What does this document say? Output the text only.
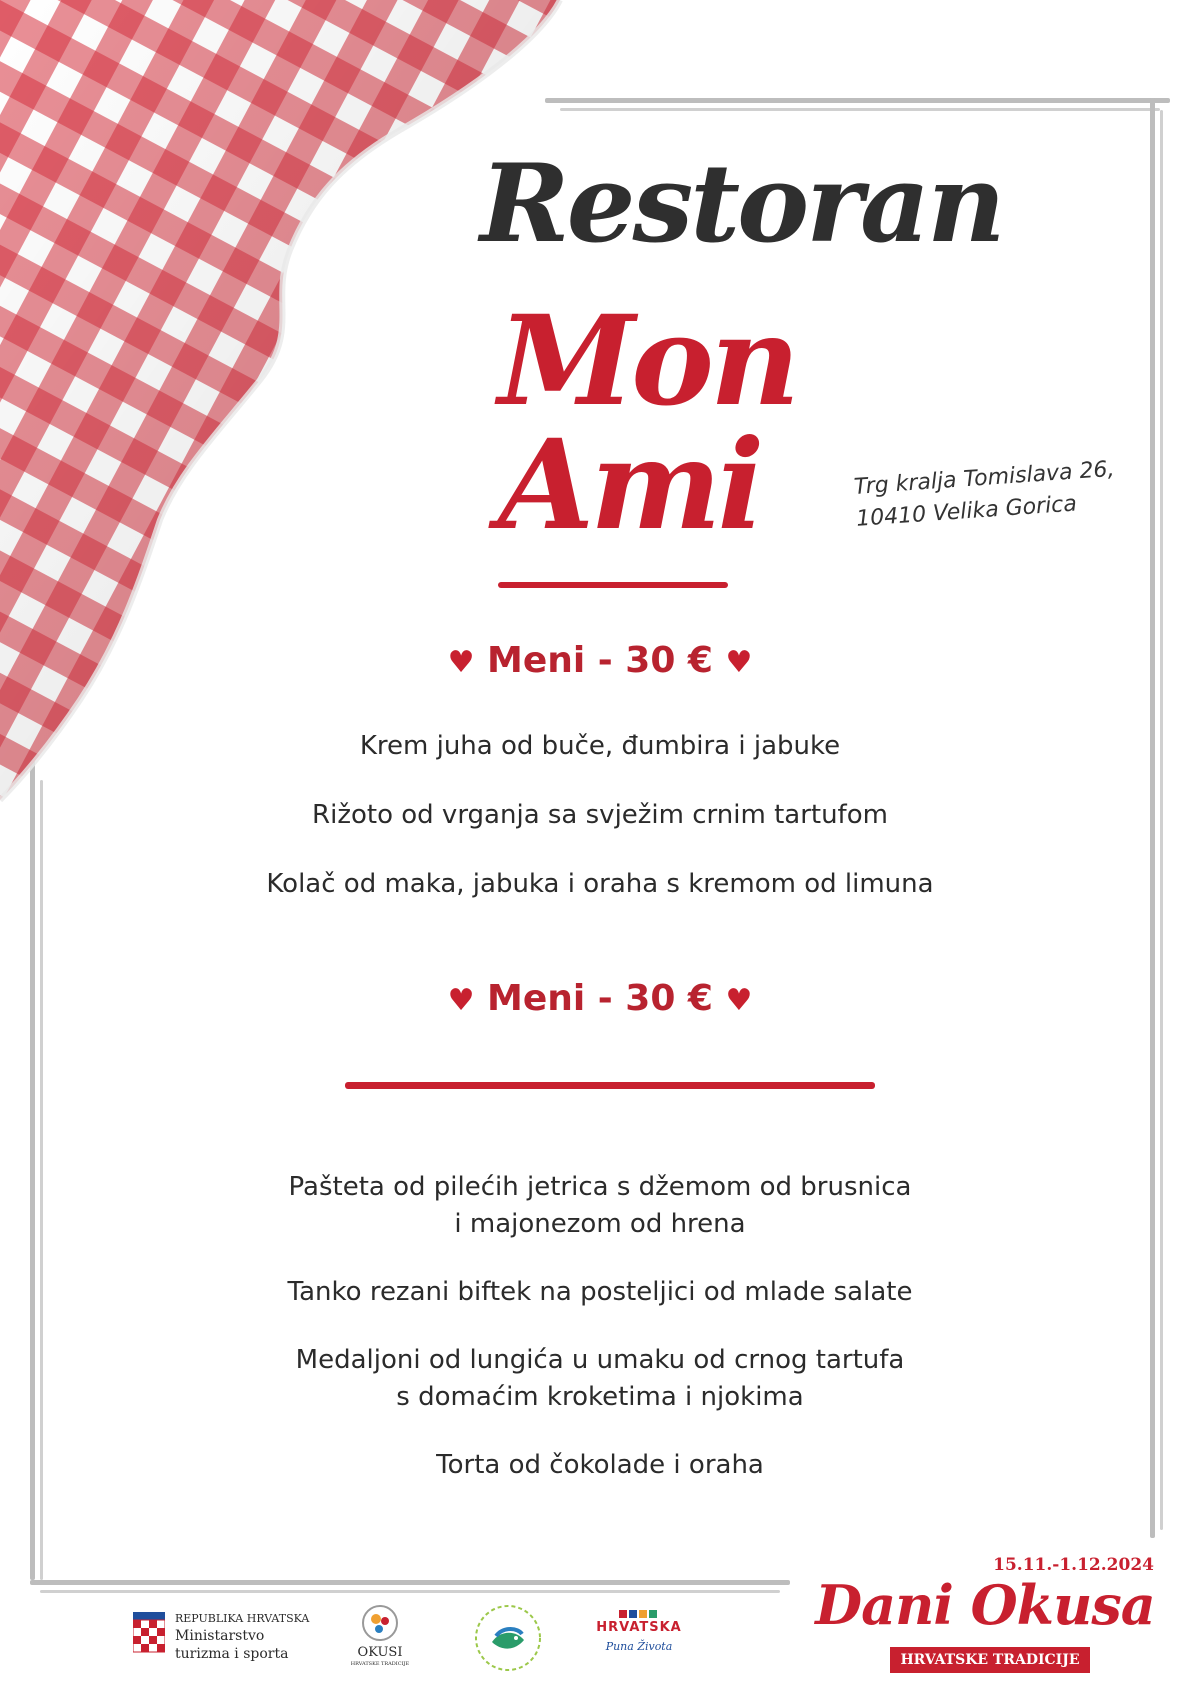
Restoran
Mon Ami	Trg kralja Tomislava 26,
10410 Velika Gorica
♥ Meni - 30 € ♥
Krem juha od buče, đumbira i jabuke
Rižoto od vrganja sa svježim crnim tartufom
Kolač od maka, jabuka i oraha s kremom od limuna
♥ Meni - 30 € ♥
Pašteta od pilećih jetrica s džemom od brusnica
i majonezom od hrena
Tanko rezani biftek na posteljici od mlade salate
Medaljoni od lungića u umaku od crnog tartufa
s domaćim kroketima i njokima
Torta od čokolade i oraha
REPUBLIKA HRVATSKA
Ministarstvo
turizma i sporta	OKUSI
HRVATSKE TRADICIJE
HRVATSKA
Puna Života
15.11.-1.12.2024
Dani Okusa
HRVATSKE TRADICIJE
